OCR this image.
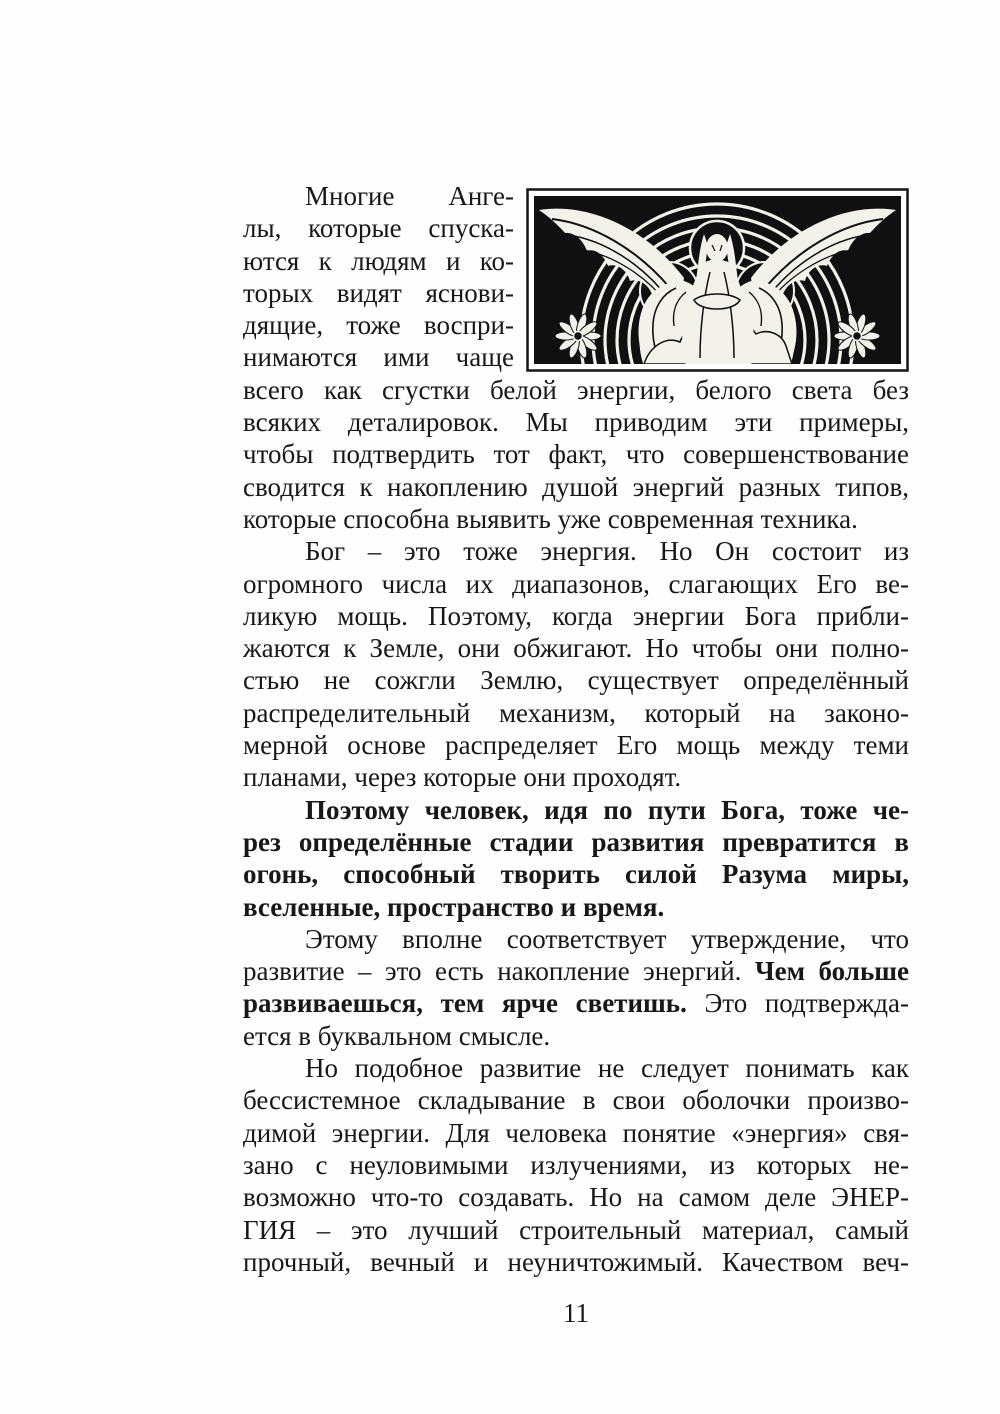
Многие Анге-
лы, которые спуска-
ются к людям и ко-
торых видят яснови-
дящие, тоже воспри-
нимаются ими чаще
всего как сгустки белой энергии, белого света без
всяких деталировок. Мы приводим эти примеры,
чтобы подтвердить тот факт, что совершенствование
сводится к накоплению душой энергий разных типов,
которые способна выявить уже современная техника.
Бог – это тоже энергия. Но Он состоит из
огромного числа их диапазонов, слагающих Его ве-
ликую мощь. Поэтому, когда энергии Бога прибли-
жаются к Земле, они обжигают. Но чтобы они полно-
стью не сожгли Землю, существует определённый
распределительный механизм, который на законо-
мерной основе распределяет Его мощь между теми
планами, через которые они проходят.
Поэтому человек, идя по пути Бога, тоже че-
рез определённые стадии развития превратится в
огонь, способный творить силой Разума миры,
вселенные, пространство и время.
Этому вполне соответствует утверждение, что
развитие – это есть накопление энергий. Чем больше
развиваешься, тем ярче светишь. Это подтвержда-
ется в буквальном смысле.
Но подобное развитие не следует понимать как
бессистемное складывание в свои оболочки произво-
димой энергии. Для человека понятие «энергия» свя-
зано с неуловимыми излучениями, из которых не-
возможно что-то создавать. Но на самом деле ЭНЕР-
ГИЯ – это лучший строительный материал, самый
прочный, вечный и неуничтожимый. Качеством веч-
11
